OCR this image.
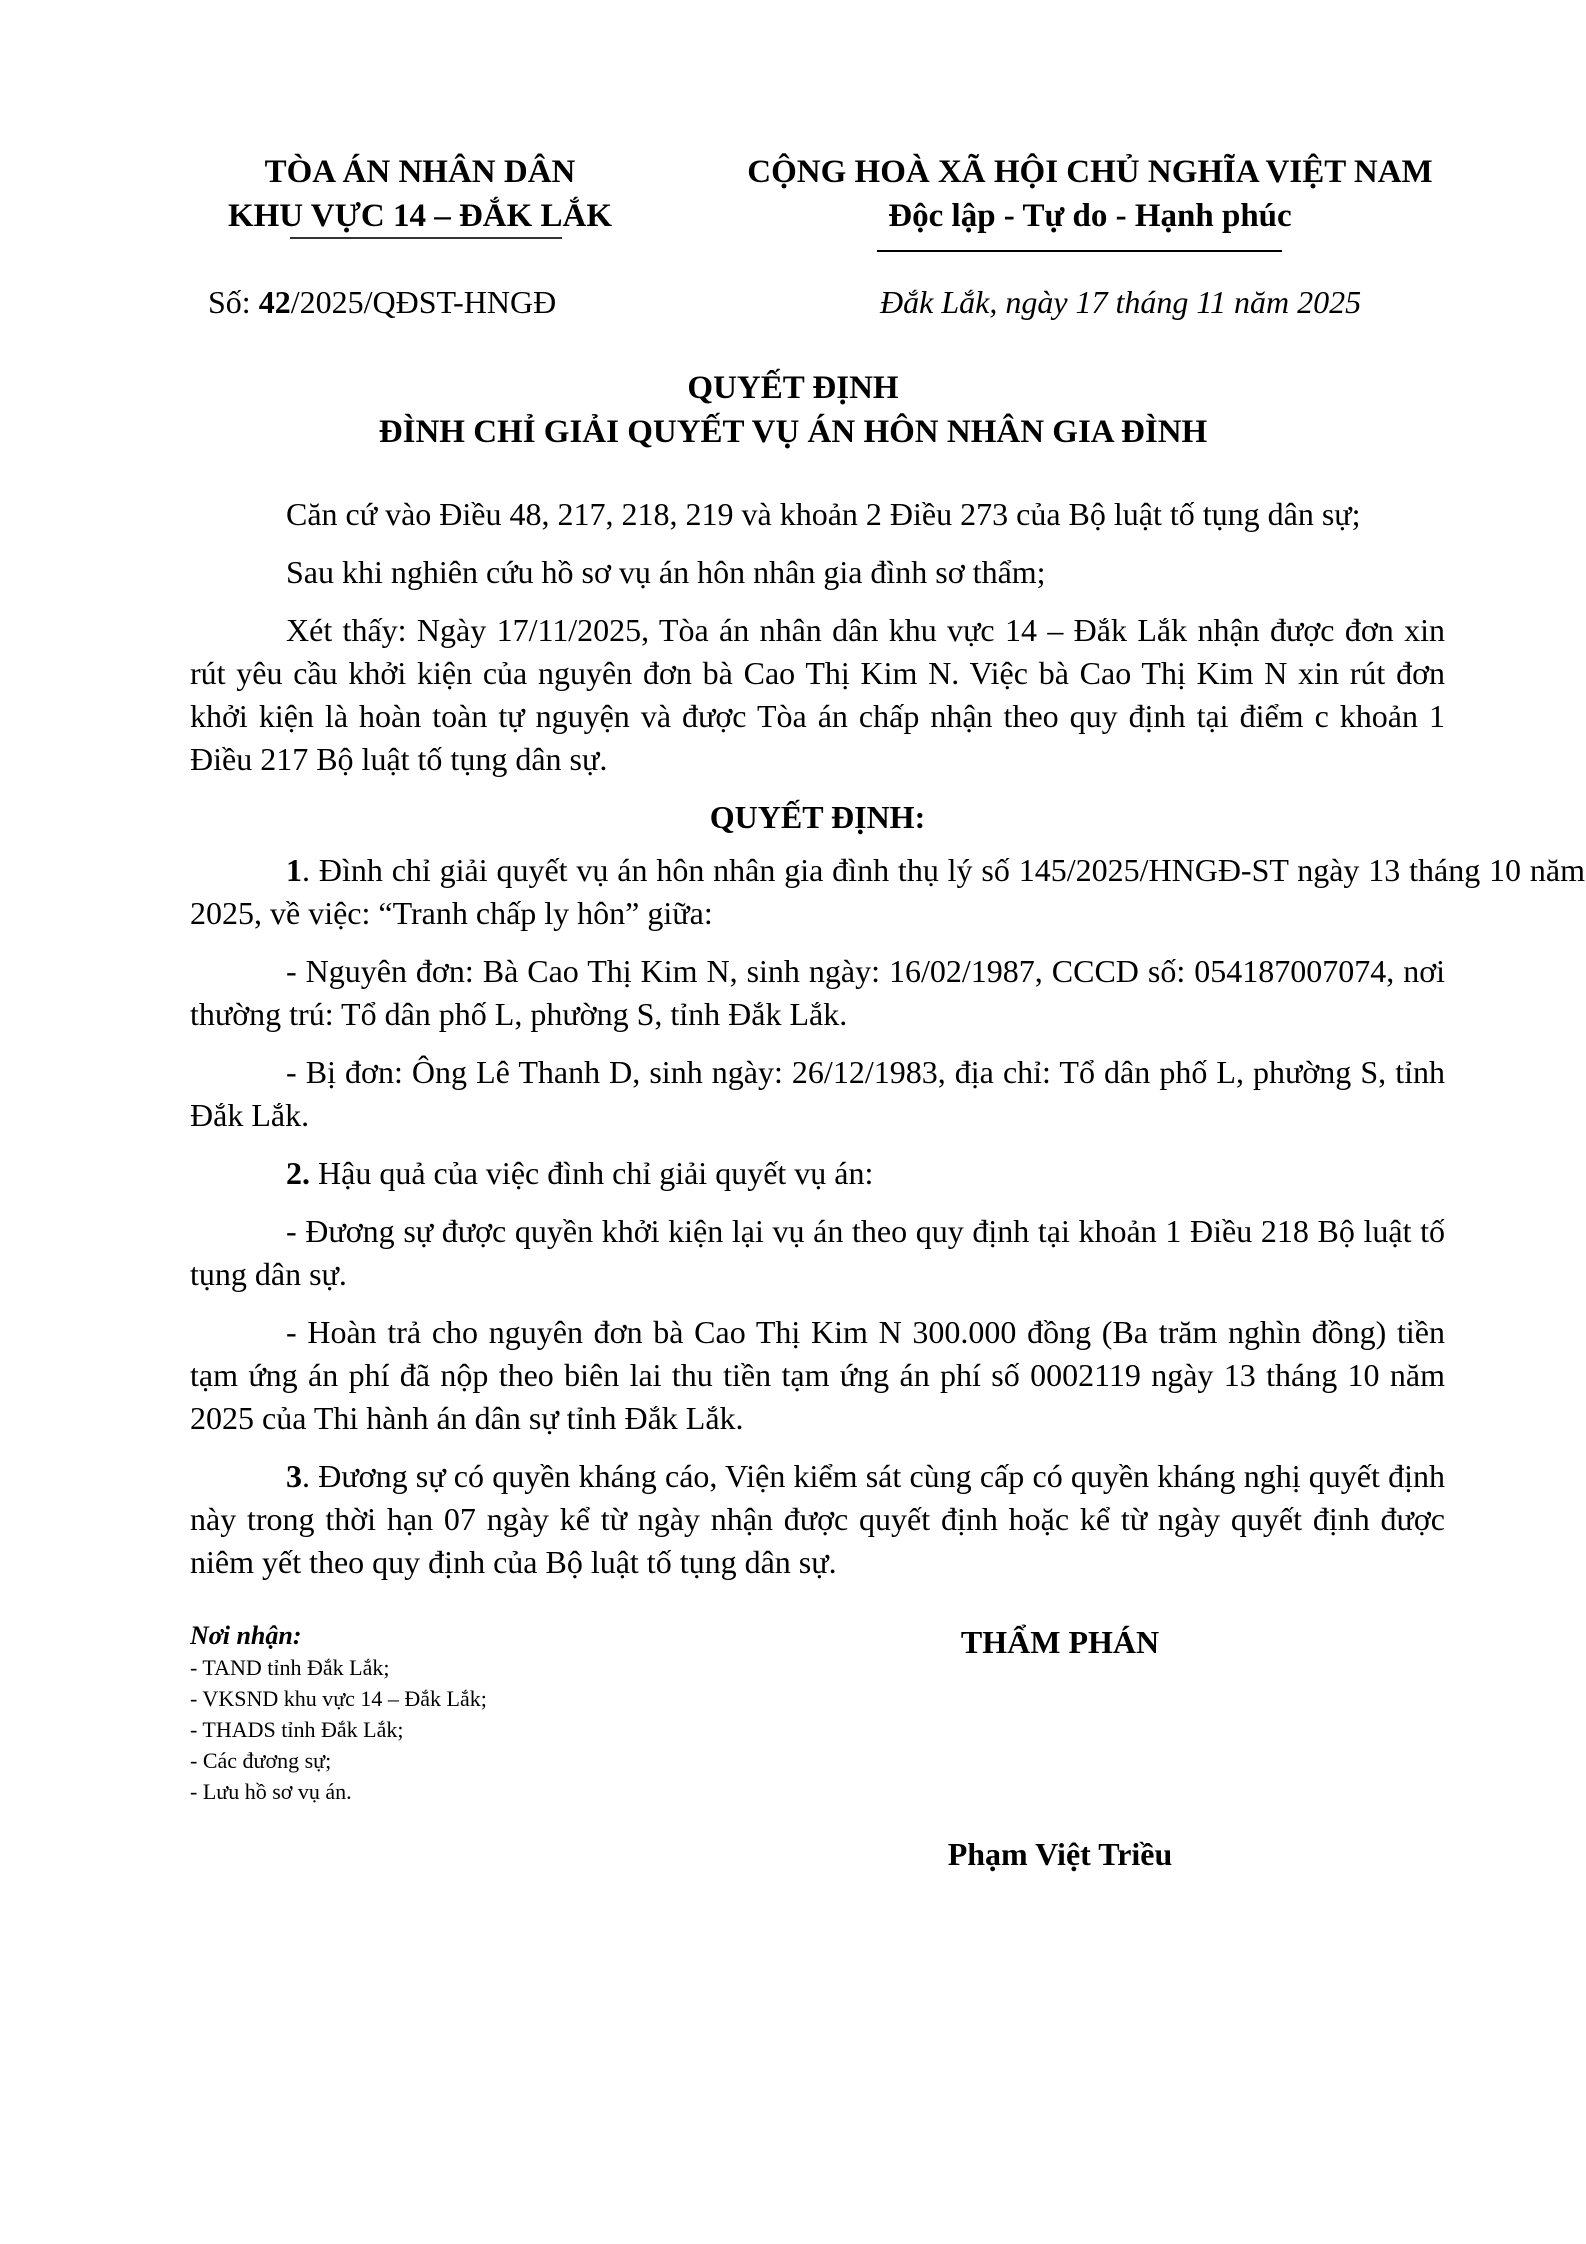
TÒA ÁN NHÂN DÂN
KHU VỰC 14 – ĐẮK LẮK
CỘNG HOÀ XÃ HỘI CHỦ NGHĨA VIỆT NAM
Độc lập - Tự do - Hạnh phúc
Số: 42/2025/QĐST-HNGĐ	Đắk Lắk, ngày 17 tháng 11 năm 2025
QUYẾT ĐỊNH
ĐÌNH CHỈ GIẢI QUYẾT VỤ ÁN HÔN NHÂN GIA ĐÌNH

Căn cứ vào Điều 48, 217, 218, 219 và khoản 2 Điều 273 của Bộ luật tố tụng dân sự;

Sau khi nghiên cứu hồ sơ vụ án hôn nhân gia đình sơ thẩm;

Xét thấy: Ngày 17/11/2025, Tòa án nhân dân khu vực 14 – Đắk Lắk nhận được đơn xin rút yêu cầu khởi kiện của nguyên đơn bà Cao Thị Kim N. Việc bà Cao Thị Kim N xin rút đơn khởi kiện là hoàn toàn tự nguyện và được Tòa án chấp nhận theo quy định tại điểm c khoản 1 Điều 217 Bộ luật tố tụng dân sự.

QUYẾT ĐỊNH:

1. Đình chỉ giải quyết vụ án hôn nhân gia đình thụ lý số 145/2025/HNGĐ-ST ngày 13 tháng 10 năm 2025, về việc: “Tranh chấp ly hôn” giữa:

- Nguyên đơn: Bà Cao Thị Kim N, sinh ngày: 16/02/1987, CCCD số: 054187007074, nơi thường trú: Tổ dân phố L, phường S, tỉnh Đắk Lắk.

- Bị đơn: Ông Lê Thanh D, sinh ngày: 26/12/1983, địa chỉ: Tổ dân phố L, phường S, tỉnh Đắk Lắk.

2. Hậu quả của việc đình chỉ giải quyết vụ án:

- Đương sự được quyền khởi kiện lại vụ án theo quy định tại khoản 1 Điều 218 Bộ luật tố tụng dân sự.

- Hoàn trả cho nguyên đơn bà Cao Thị Kim N 300.000 đồng (Ba trăm nghìn đồng) tiền tạm ứng án phí đã nộp theo biên lai thu tiền tạm ứng án phí số 0002119 ngày 13 tháng 10 năm 2025 của Thi hành án dân sự tỉnh Đắk Lắk.

3. Đương sự có quyền kháng cáo, Viện kiểm sát cùng cấp có quyền kháng nghị quyết định này trong thời hạn 07 ngày kể từ ngày nhận được quyết định hoặc kể từ ngày quyết định được niêm yết theo quy định của Bộ luật tố tụng dân sự.

Nơi nhận:
- TAND tỉnh Đắk Lắk;
- VKSND khu vực 14 – Đắk Lắk;
- THADS tỉnh Đắk Lắk;
- Các đương sự;
- Lưu hồ sơ vụ án.
THẨM PHÁN
Phạm Việt Triều
